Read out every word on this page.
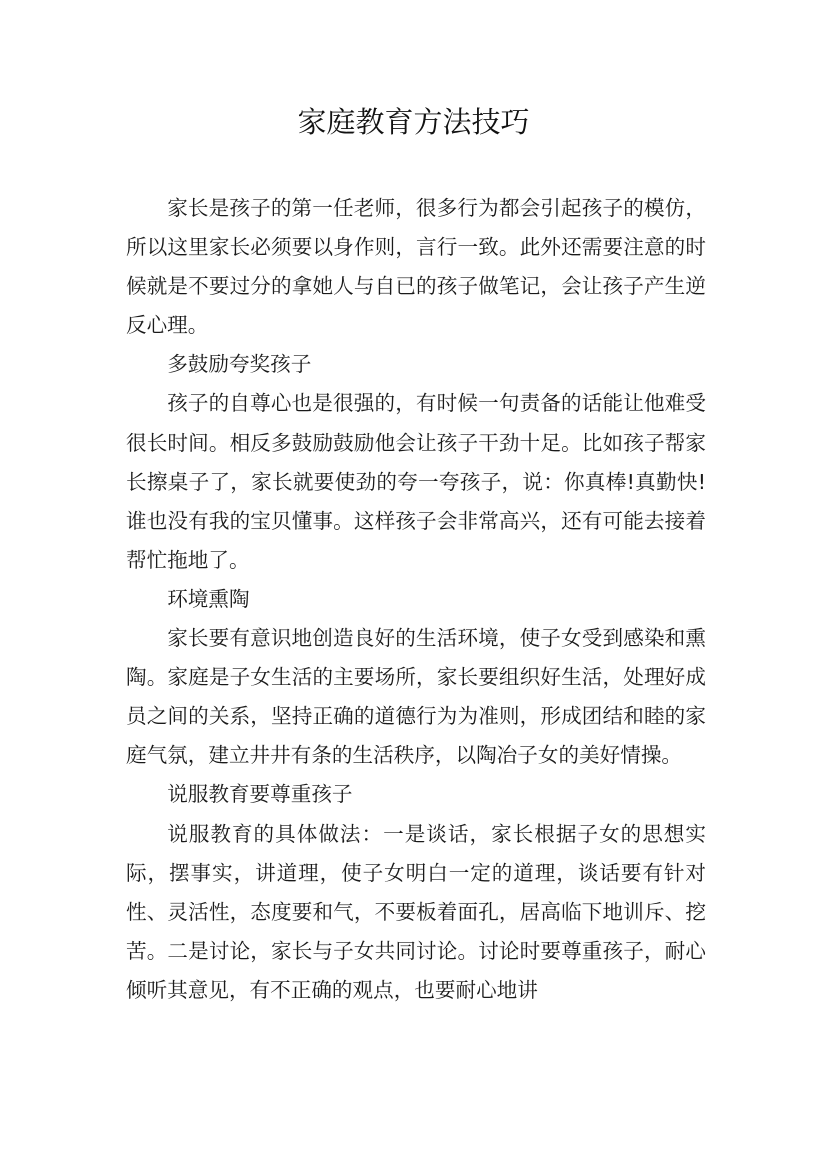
家庭教育方法技巧

家长是孩子的第一任老师，很多行为都会引起孩子的模仿，所以这里家长必须要以身作则，言行一致。此外还需要注意的时候就是不要过分的拿她人与自已的孩子做笔记，会让孩子产生逆反心理。

多鼓励夸奖孩子

孩子的自尊心也是很强的，有时候一句责备的话能让他难受很长时间。相反多鼓励鼓励他会让孩子干劲十足。比如孩子帮家长擦桌子了，家长就要使劲的夸一夸孩子，说：你真棒!真勤快!谁也没有我的宝贝懂事。这样孩子会非常高兴，还有可能去接着帮忙拖地了。

环境熏陶

家长要有意识地创造良好的生活环境，使子女受到感染和熏陶。家庭是子女生活的主要场所，家长要组织好生活，处理好成员之间的关系，坚持正确的道德行为为准则，形成团结和睦的家庭气氛，建立井井有条的生活秩序，以陶冶子女的美好情操。

说服教育要尊重孩子

说服教育的具体做法：一是谈话，家长根据子女的思想实际，摆事实，讲道理，使子女明白一定的道理，谈话要有针对性、灵活性，态度要和气，不要板着面孔，居高临下地训斥、挖苦。二是讨论，家长与子女共同讨论。讨论时要尊重孩子，耐心倾听其意见，有不正确的观点，也要耐心地讲
